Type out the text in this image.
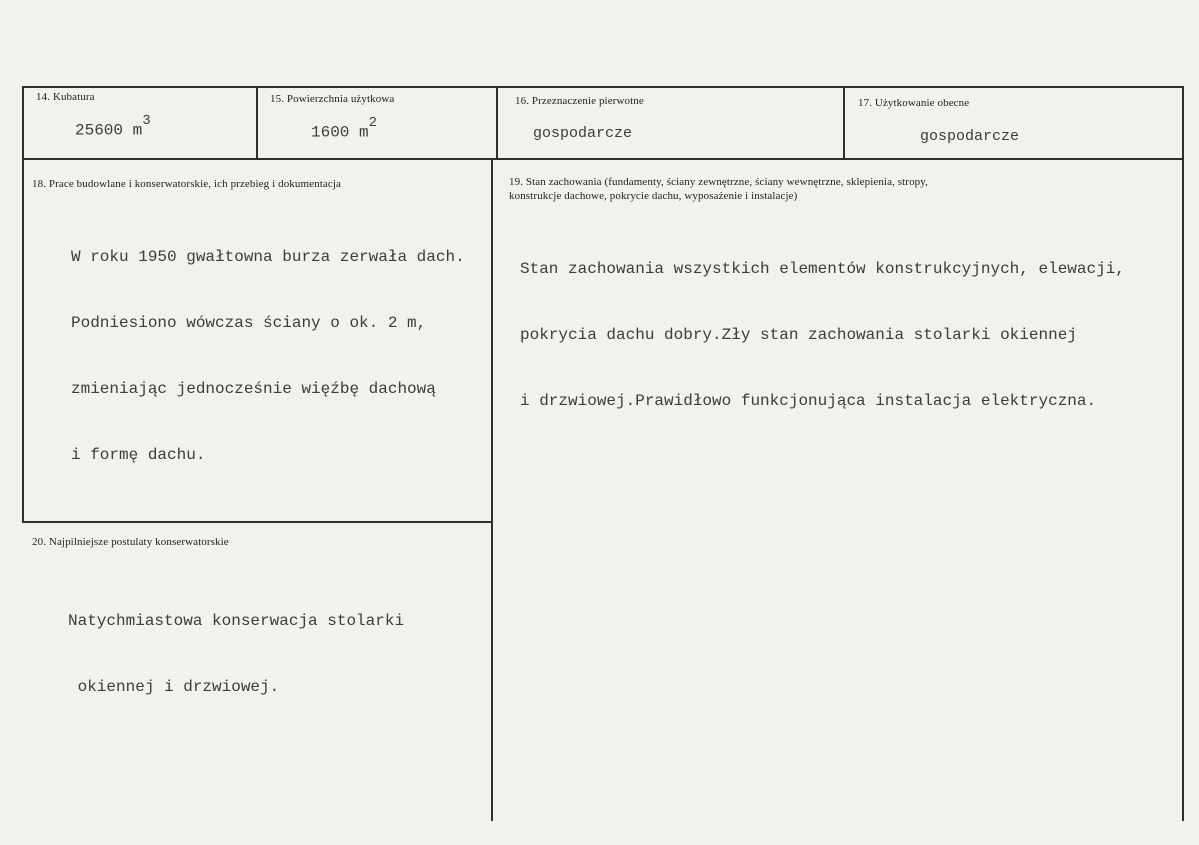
14. Kubatura
25600 $m^3$
15. Powierzchnia użytkowa
1600 $m^2$
16. Przeznaczenie pierwotne
gospodarcze
17. Użytkowanie obecne
gospodarcze
18. Prace budowlane i konserwatorskie, ich przebieg i dokumentacja

W roku 1950 gwałtowna burza zerwała dach.

Podniesiono wówczas ściany o ok. 2 m,

zmieniając jednocześnie więźbę dachową

i formę dachu.

19. Stan zachowania (fundamenty, ściany zewnętrzne, ściany wewnętrzne, sklepienia, stropy,
konstrukcje dachowe, pokrycie dachu, wyposażenie i instalacje)

Stan zachowania wszystkich elementów konstrukcyjnych, elewacji,

pokrycia dachu dobry.Zły stan zachowania stolarki okiennej

i drzwiowej.Prawidłowo funkcjonująca instalacja elektryczna.

20. Najpilniejsze postulaty konserwatorskie

Natychmiastowa konserwacja stolarki

okiennej i drzwiowej.
